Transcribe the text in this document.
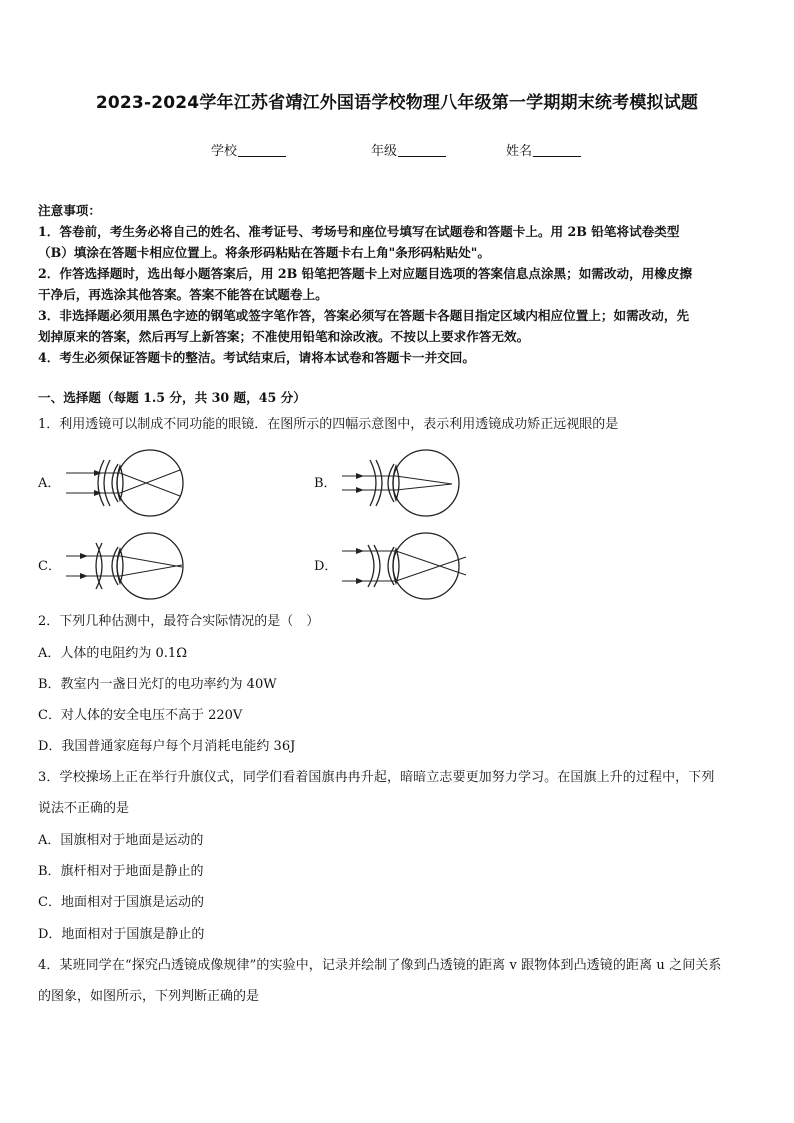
2023-2024学年江苏省靖江外国语学校物理八年级第一学期期末统考模拟试题
学校	年级	姓名
注意事项：
1．答卷前，考生务必将自己的姓名、准考证号、考场号和座位号填写在试题卷和答题卡上。用 2B 铅笔将试卷类型
（B）填涂在答题卡相应位置上。将条形码粘贴在答题卡右上角"条形码粘贴处"。
2．作答选择题时，选出每小题答案后，用 2B 铅笔把答题卡上对应题目选项的答案信息点涂黑；如需改动，用橡皮擦
干净后，再选涂其他答案。答案不能答在试题卷上。
3．非选择题必须用黑色字迹的钢笔或签字笔作答，答案必须写在答题卡各题目指定区域内相应位置上；如需改动，先
划掉原来的答案，然后再写上新答案；不准使用铅笔和涂改液。不按以上要求作答无效。
4．考生必须保证答题卡的整洁。考试结束后，请将本试卷和答题卡一并交回。
一、选择题（每题 1.5 分，共 30 题，45 分）
1．利用透镜可以制成不同功能的眼镜．在图所示的四幅示意图中，表示利用透镜成功矫正远视眼的是
A．	B．
C．	D．
2．下列几种估测中，最符合实际情况的是（　）
A．人体的电阻约为 0.1Ω
B．教室内一盏日光灯的电功率约为 40W
C．对人体的安全电压不高于 220V
D．我国普通家庭每户每个月消耗电能约 36J
3．学校操场上正在举行升旗仪式，同学们看着国旗冉冉升起，暗暗立志要更加努力学习。在国旗上升的过程中，下列
说法不正确的是
A．国旗相对于地面是运动的
B．旗杆相对于地面是静止的
C．地面相对于国旗是运动的
D．地面相对于国旗是静止的
4．某班同学在“探究凸透镜成像规律”的实验中，记录并绘制了像到凸透镜的距离 v 跟物体到凸透镜的距离 u 之间关系
的图象，如图所示，下列判断正确的是
